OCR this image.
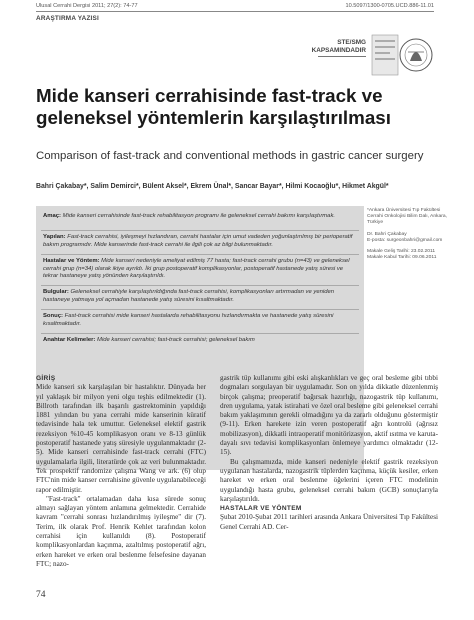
Ulusal Cerrahi Dergisi 2011; 27(2): 74-77	10.5097/1300-0705.UCD.886-11.01
ARAŞTIRMA YAZISI
STE/SMG
KAPSAMINDADIR
Mide kanseri cerrahisinde fast-track ve geleneksel yöntemlerin karşılaştırılması
Comparison of fast-track and conventional methods in gastric cancer surgery
Bahri Çakabay*, Salim Demirci*, Bülent Aksel*, Ekrem Ünal*, Sancar Bayar*, Hilmi Kocaoğlu*, Hikmet Akgül*
Amaç: Mide kanseri cerrahisinde fast-track rehabilitasyon programı ile geleneksel cerrahi bakımı karşılaştırmak.
Yapılan: Fast-track cerrahisi, iyileşmeyi hızlandıran, cerrahi hastalar için umut vadeden yoğunlaştırılmış bir perioperatif bakım programıdır. Mide kanserinde fast-track cerrahi ile ilgili çok az bilgi bulunmaktadır.
Hastalar ve Yöntem: Mide kanseri nedeniyle ameliyat edilmiş 77 hasta; fast-track cerrahi grubu (n=43) ve geleneksel cerrahi grup (n=34) olarak ikiye ayrıldı. İki grup postoperatif komplikasyonlar, postoperatif hastanede yatış süresi ve tekrar hastaneye yatış yönünden karşılaştırıldı.
Bulgular: Geleneksel cerrahiyle karşılaştırıldığında fast-track cerrahisi, komplikasyonları artırmadan ve yeniden hastaneye yatmaya yol açmadan hastanede yatış süresini kısaltmaktadır.
Sonuç: Fast-track cerrahisi mide kanseri hastalarda rehabilitasyonu hızlandırmakta ve hastanede yatış süresini kısaltmaktadır.
Anahtar Kelimeler: Mide kanseri cerrahisi; fast-track cerrahisi; geleneksel bakım

*Ankara Üniversitesi Tıp Fakültesi Cerrahi Onkolojisi Bilim Dalı, Ankara, Türkiye

Dr. Bahri Çakabay
E-posta: surgeonbahri@gmail.com

Makale Geliş Tarihi: 23.02.2011
Makale Kabul Tarihi: 09.06.2011

GİRİŞ

Mide kanseri sık karşılaşılan bir hastalıktır. Dünyada her yıl yaklaşık bir milyon yeni olgu teşhis edilmektedir (1). Billroth tarafından ilk başarılı gastrektominin yapıldığı 1881 yılından bu yana cerrahi mide kanserinin küratif tedavisinde hala tek umuttur. Geleneksel elektif gastrik rezeksiyon %10-45 komplikasyon oranı ve 8-13 günlük postoperatif hastanede yatış süresiyle uygulanmaktadır (2-5). Mide kanseri cerrahisinde fast-track cerrahi (FTC) uygulamalarla ilgili, literatürde çok az veri bulunmaktadır. Tek prospektif randomize çalışma Wang ve ark. (6) olup FTC'nin mide kanser cerrahisine güvenle uygulanabileceği rapor edilmiştir.

"Fast-track" ortalamadan daha kısa sürede sonuç almayı sağlayan yöntem anlamına gelmektedir. Cerrahide kavram "cerrahi sonrası hızlandırılmış iyileşme" dir (7). Terim, ilk olarak Prof. Henrik Kehlet tarafından kolon cerrahisi için kullanıldı (8). Postoperatif komplikasyonlardan kaçınma, azaltılmış postoperatif ağrı, erken hareket ve erken oral beslenme felsefesine dayanan FTC; nazo-

gastrik tüp kullanımı gibi eski alışkanlıkları ve geç oral besleme gibi tıbbi dogmaları sorgulayan bir uygulamadır. Son on yılda dikkatle düzenlenmiş birçok çalışma; preoperatif bağırsak hazırlığı, nazogastrik tüp kullanımı, dren uygulama, yatak istirahati ve özel oral besleme gibi geleneksel cerrahi bakım yaklaşımının gerekli olmadığını ya da zararlı olduğunu göstermiştir (9-11). Erken harekete izin veren postoperatif ağrı kontrolü (ağrısız mobilizasyon), dikkatli intraoperatif monitörizasyon, aktif ısıtma ve karuta-dayalı sıvı tedavisi komplikasyonları önlemeye yardımcı olmaktadır (12-15).

Bu çalışmamızda, mide kanseri nedeniyle elektif gastrik rezeksiyon uygulanan hastalarda, nazogastrik tüplerden kaçınma, küçük kesiler, erken hareket ve erken oral beslenme öğelerini içeren FTC modelinin uygulandığı hasta grubu, geleneksel cerrahi bakım (GCB) sonuçlarıyla karşılaştırıldı.

HASTALAR VE YÖNTEM

Şubat 2010-Şubat 2011 tarihleri arasında Ankara Üniversitesi Tıp Fakültesi Genel Cerrahi AD. Cer-

74
